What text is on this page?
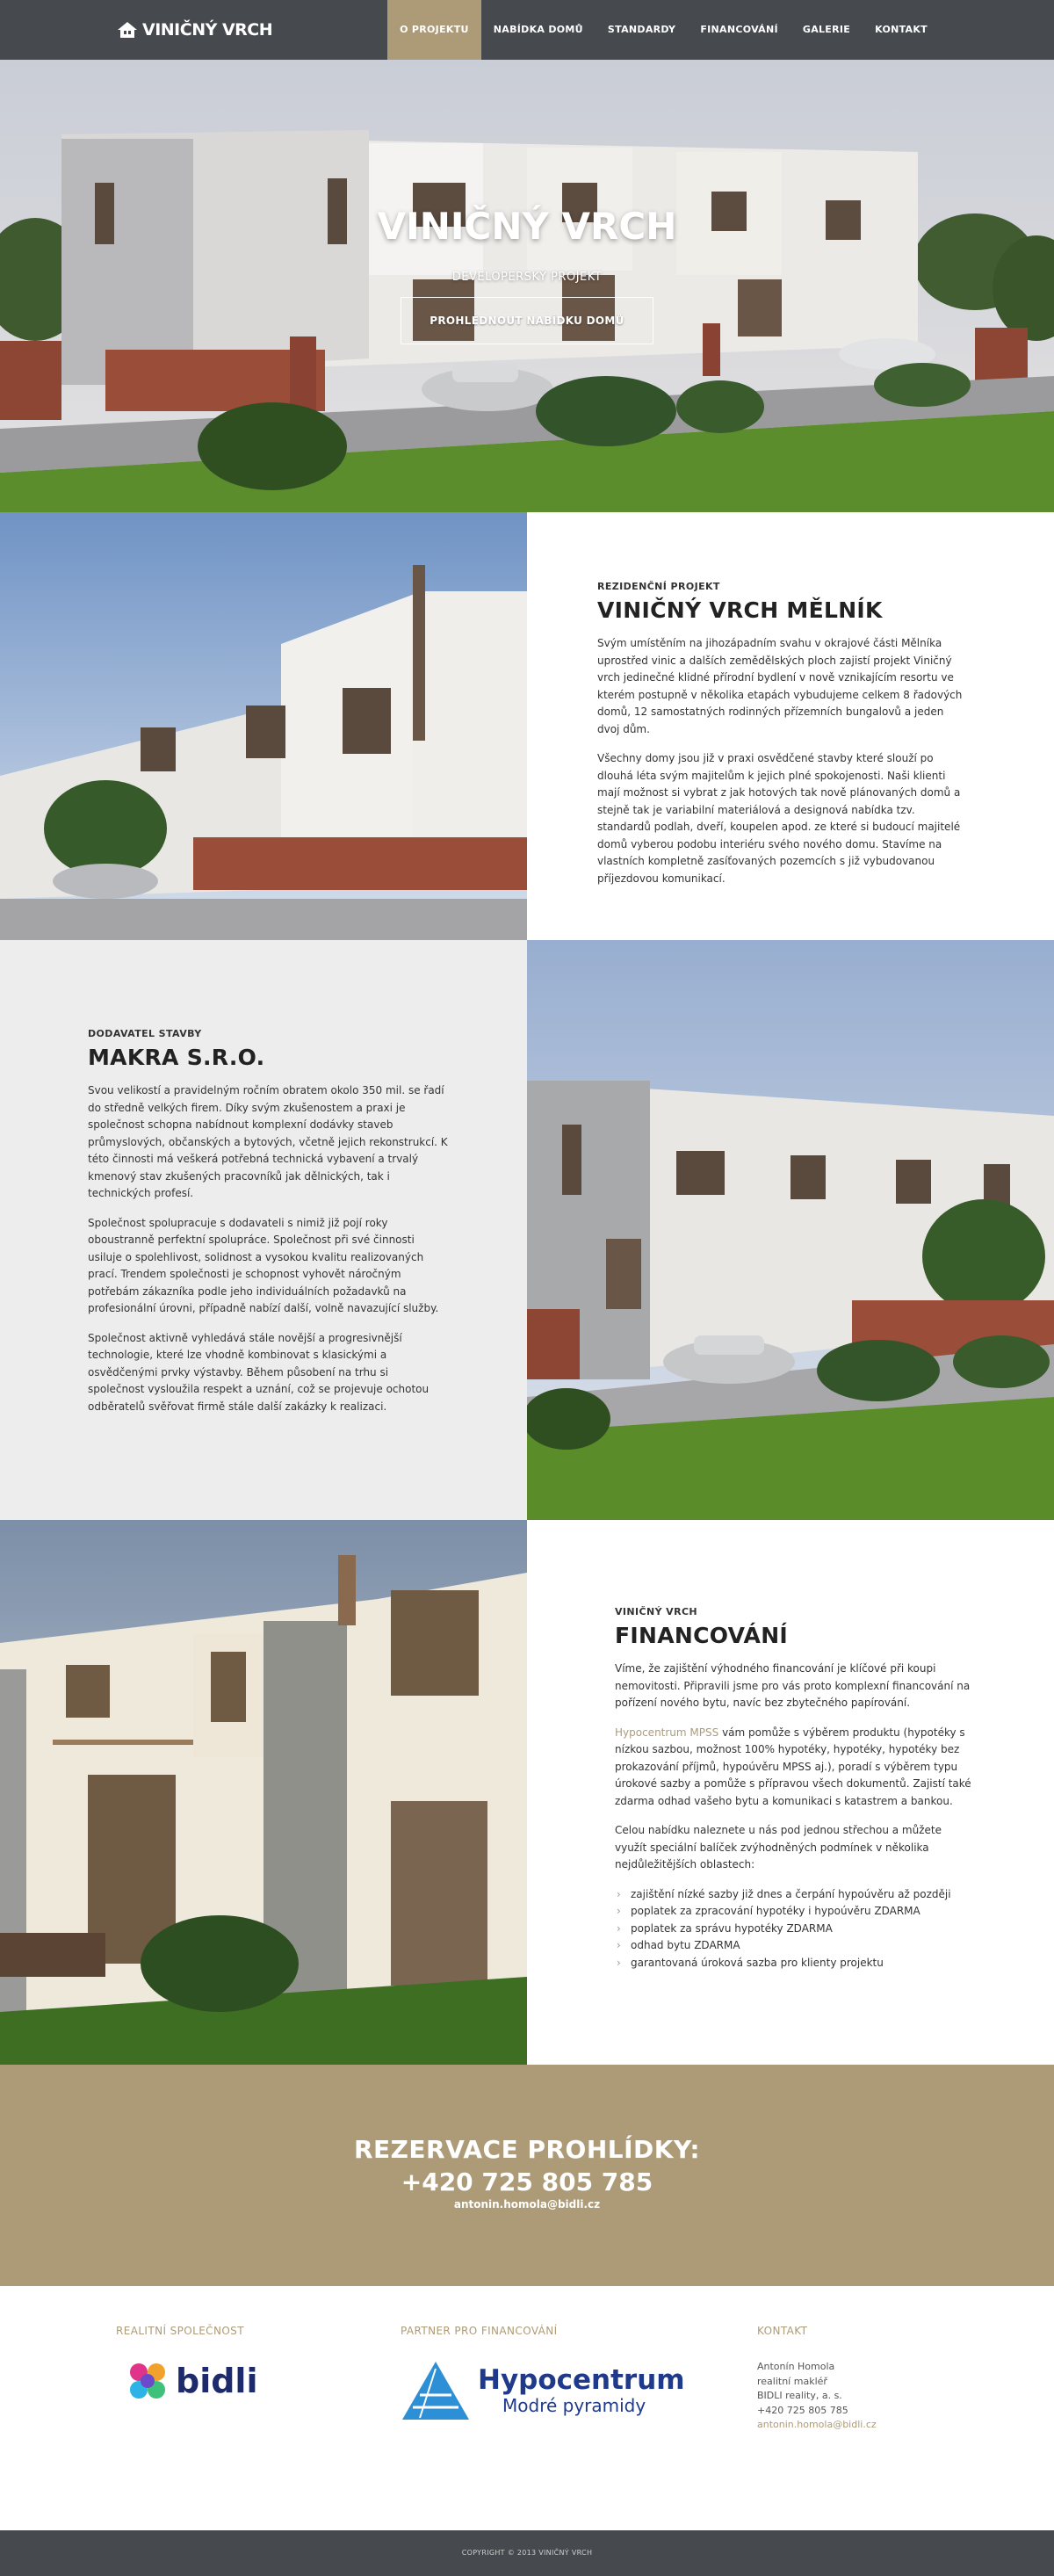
VINIČNÝ VRCH	O PROJEKTU	NABÍDKA DOMŮ	STANDARDY	FINANCOVÁNÍ	GALERIE	KONTAKT
VINIČNÝ VRCH
DEVELOPERSKÝ PROJEKT
PROHLÉDNOUT NABÍDKU DOMŮ
REZIDENČNÍ PROJEKT
VINIČNÝ VRCH MĚLNÍK

Svým umístěním na jihozápadním svahu v okrajové části Mělníka uprostřed vinic a dalších zemědělských ploch zajistí projekt Viničný vrch jedinečné klidné přírodní bydlení v nově vznikajícím resortu ve kterém postupně v několika etapách vybudujeme celkem 8 řadových domů, 12 samostatných rodinných přízemních bungalovů a jeden dvoj dům.

Všechny domy jsou již v praxi osvědčené stavby které slouží po dlouhá léta svým majitelům k jejich plné spokojenosti. Naši klienti mají možnost si vybrat z jak hotových tak nově plánovaných domů a stejně tak je variabilní materiálová a designová nabídka tzv. standardů podlah, dveří, koupelen apod. ze které si budoucí majitelé domů vyberou podobu interiéru svého nového domu. Stavíme na vlastních kompletně zasíťovaných pozemcích s již vybudovanou příjezdovou komunikací.

DODAVATEL STAVBY
MAKRA S.R.O.

Svou velikostí a pravidelným ročním obratem okolo 350 mil. se řadí do středně velkých firem. Díky svým zkušenostem a praxi je společnost schopna nabídnout komplexní dodávky staveb průmyslových, občanských a bytových, včetně jejich rekonstrukcí. K této činnosti má veškerá potřebná technická vybavení a trvalý kmenový stav zkušených pracovníků jak dělnických, tak i technických profesí.

Společnost spolupracuje s dodavateli s nimiž již pojí roky oboustranně perfektní spolupráce. Společnost při své činnosti usiluje o spolehlivost, solidnost a vysokou kvalitu realizovaných prací. Trendem společnosti je schopnost vyhovět náročným potřebám zákazníka podle jeho individuálních požadavků na profesionální úrovni, případně nabízí další, volně navazující služby.

Společnost aktivně vyhledává stále novější a progresivnější technologie, které lze vhodně kombinovat s klasickými a osvědčenými prvky výstavby. Během působení na trhu si společnost vysloužila respekt a uznání, což se projevuje ochotou odběratelů svěřovat firmě stále další zakázky k realizaci.

VINIČNÝ VRCH
FINANCOVÁNÍ

Víme, že zajištění výhodného financování je klíčové při koupi nemovitosti. Připravili jsme pro vás proto komplexní financování na pořízení nového bytu, navíc bez zbytečného papírování.

Hypocentrum MPSS vám pomůže s výběrem produktu (hypotéky s nízkou sazbou, možnost 100% hypotéky, hypotéky, hypotéky bez prokazování příjmů, hypoúvěru MPSS aj.), poradí s výběrem typu úrokové sazby a pomůže s přípravou všech dokumentů. Zajistí také zdarma odhad vašeho bytu a komunikaci s katastrem a bankou.

Celou nabídku naleznete u nás pod jednou střechou a můžete využít speciální balíček zvýhodněných podmínek v několika nejdůležitějších oblastech:

› zajištění nízké sazby již dnes a čerpání hypoúvěru až později
› poplatek za zpracování hypotéky i hypoúvěru ZDARMA
› poplatek za správu hypotéky ZDARMA
› odhad bytu ZDARMA
› garantovaná úroková sazba pro klienty projektu
REZERVACE PROHLÍDKY:
+420 725 805 785
antonin.homola@bidli.cz
REALITNÍ SPOLEČNOST
bidli
PARTNER PRO FINANCOVÁNÍ
Hypocentrum
Modré pyramidy
KONTAKT
Antonín Homola
realitní makléř
BIDLI reality, a. s.
+420 725 805 785
antonin.homola@bidli.cz
COPYRIGHT © 2013 VINIČNÝ VRCH
